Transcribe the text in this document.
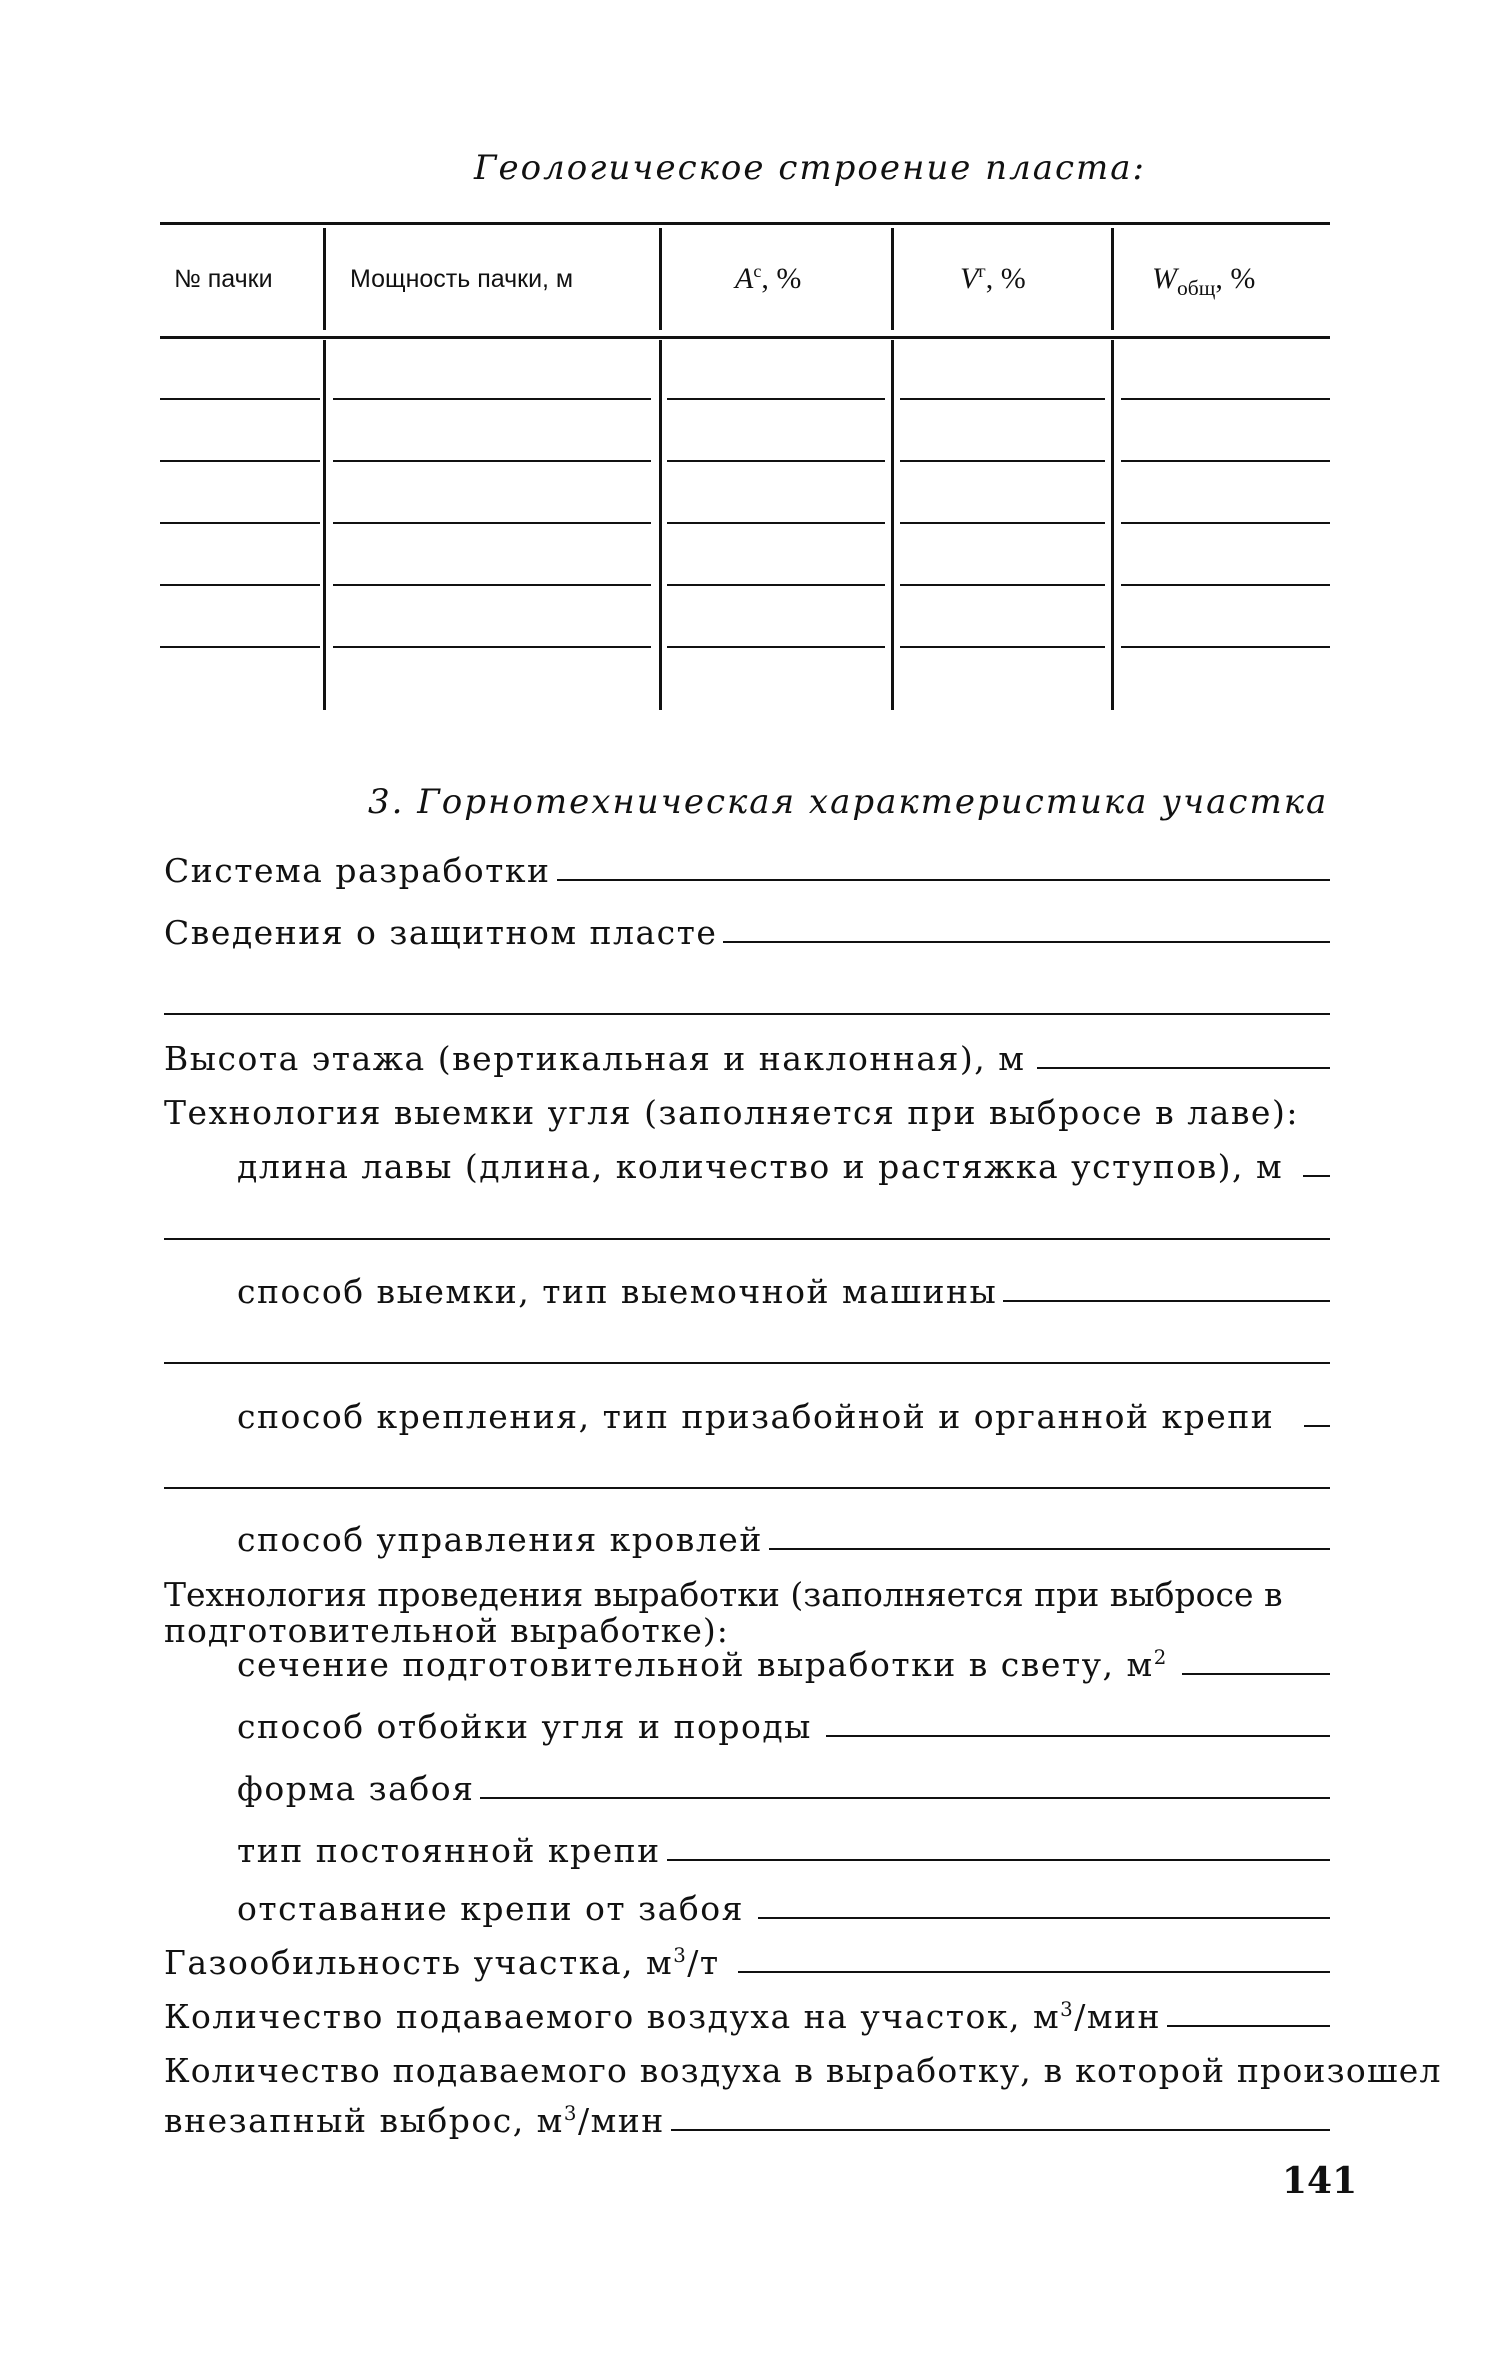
Геологическое строение пласта:
№ пачки	Мощность пачки, м	$A^c$, %	$V^г$, %	$W_{общ}$, %
3. Горнотехническая характеристика участка
Система разработки
Сведения о защитном пласте
Высота этажа (вертикальная и наклонная), м
Технология выемки угля (заполняется при выбросе в лаве):
длина лавы (длина, количество и растяжка уступов), м
способ выемки, тип выемочной машины
способ крепления, тип призабойной и органной крепи
способ управления кровлей
Технология проведения выработки (заполняется при выбросе в
подготовительной выработке):
сечение подготовительной выработки в свету, $м^2$
способ отбойки угля и породы
форма забоя
тип постоянной крепи
отставание крепи от забоя
Газообильность участка, $м^3/т$
Количество подаваемого воздуха на участок, $м^3$/мин
Количество подаваемого воздуха в выработку, в которой произошел
внезапный выброс, $м^3$/мин
141
